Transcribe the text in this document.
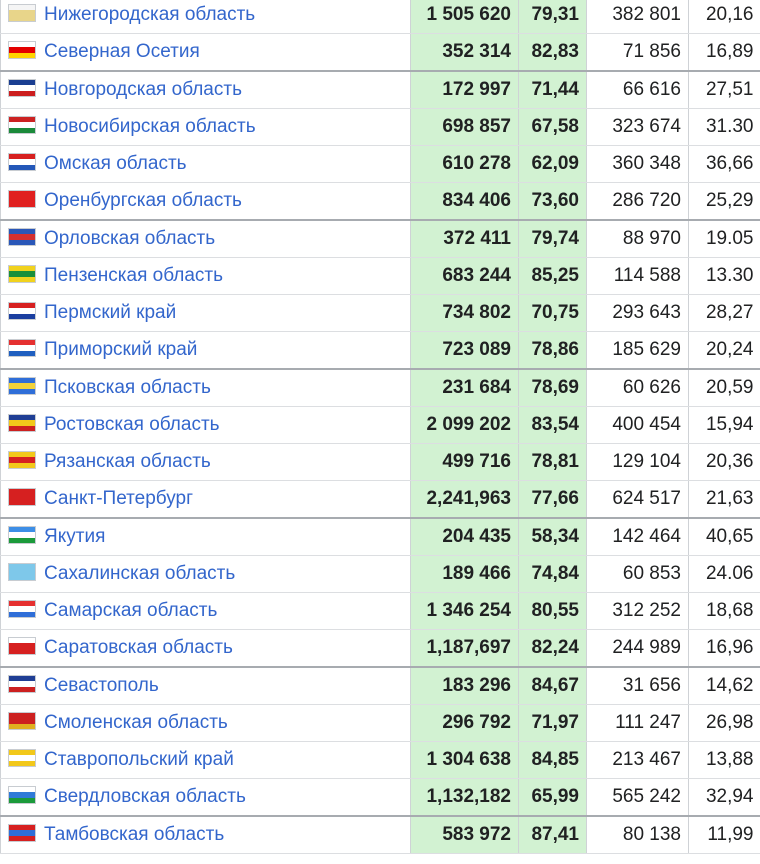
Нижегородская область	1 505 620	79,31	382 801	20,16
Северная Осетия	352 314	82,83	71 856	16,89
Новгородская область	172 997	71,44	66 616	27,51
Новосибирская область	698 857	67,58	323 674	31.30
Омская область	610 278	62,09	360 348	36,66
Оренбургская область	834 406	73,60	286 720	25,29
Орловская область	372 411	79,74	88 970	19.05
Пензенская область	683 244	85,25	114 588	13.30
Пермский край	734 802	70,75	293 643	28,27
Приморский край	723 089	78,86	185 629	20,24
Псковская область	231 684	78,69	60 626	20,59
Ростовская область	2 099 202	83,54	400 454	15,94
Рязанская область	499 716	78,81	129 104	20,36
Санкт-Петербург	2,241,963	77,66	624 517	21,63
Якутия	204 435	58,34	142 464	40,65
Сахалинская область	189 466	74,84	60 853	24.06
Самарская область	1 346 254	80,55	312 252	18,68
Саратовская область	1,187,697	82,24	244 989	16,96
Севастополь	183 296	84,67	31 656	14,62
Смоленская область	296 792	71,97	111 247	26,98
Ставропольский край	1 304 638	84,85	213 467	13,88
Свердловская область	1,132,182	65,99	565 242	32,94
Тамбовская область	583 972	87,41	80 138	11,99
